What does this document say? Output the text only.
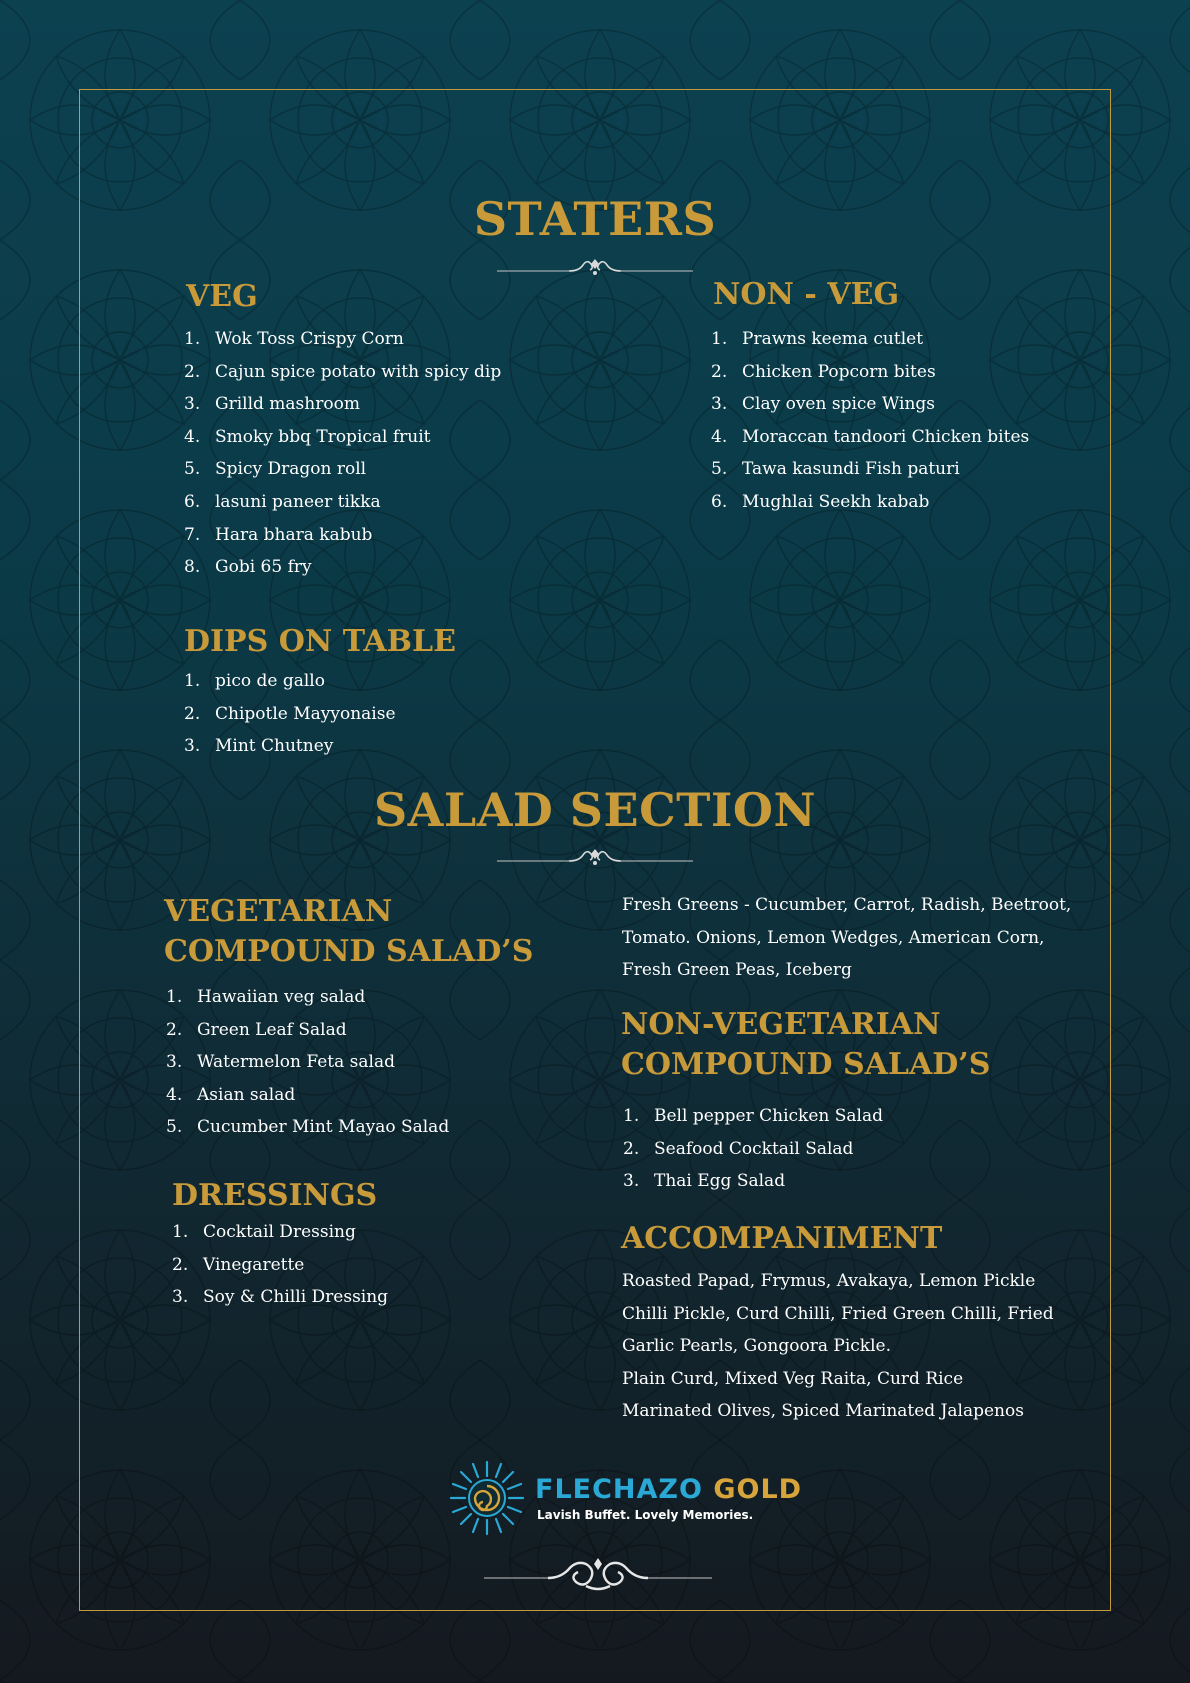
STATERS
VEG
1. Wok Toss Crispy Corn
2. Cajun spice potato with spicy dip
3. Grilld mashroom
4. Smoky bbq Tropical fruit
5. Spicy Dragon roll
6. lasuni paneer tikka
7. Hara bhara kabub
8. Gobi 65 fry
NON - VEG
1. Prawns keema cutlet
2. Chicken Popcorn bites
3. Clay oven spice Wings
4. Moraccan tandoori Chicken bites
5. Tawa kasundi Fish paturi
6. Mughlai Seekh kabab
DIPS ON TABLE
1. pico de gallo
2. Chipotle Mayyonaise
3. Mint Chutney
SALAD SECTION
VEGETARIAN
COMPOUND SALAD’S
1. Hawaiian veg salad
2. Green Leaf Salad
3. Watermelon Feta salad
4. Asian salad
5. Cucumber Mint Mayao Salad
DRESSINGS
1. Cocktail Dressing
2. Vinegarette
3. Soy & Chilli Dressing
Fresh Greens - Cucumber, Carrot, Radish, Beetroot,
Tomato. Onions, Lemon Wedges, American Corn,
Fresh Green Peas, Iceberg
NON-VEGETARIAN
COMPOUND SALAD’S
1. Bell pepper Chicken Salad
2. Seafood Cocktail Salad
3. Thai Egg Salad
ACCOMPANIMENT
Roasted Papad, Frymus, Avakaya, Lemon Pickle
Chilli Pickle, Curd Chilli, Fried Green Chilli, Fried
Garlic Pearls, Gongoora Pickle.
Plain Curd, Mixed Veg Raita, Curd Rice
Marinated Olives, Spiced Marinated Jalapenos
FLECHAZO GOLD
Lavish Buffet. Lovely Memories.
